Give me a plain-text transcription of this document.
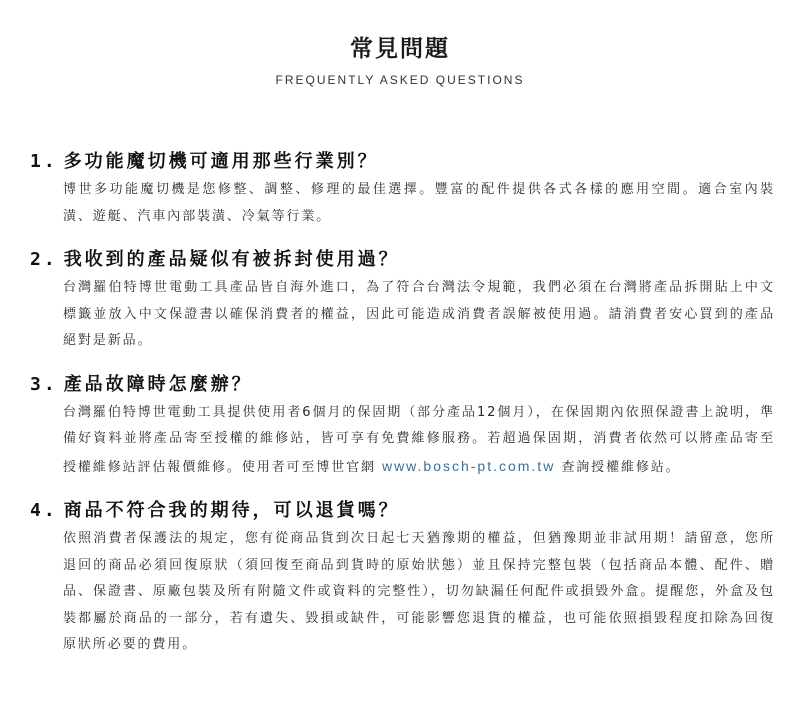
常見問題
FREQUENTLY ASKED QUESTIONS
1. 多功能魔切機可適用那些行業別？

博世多功能魔切機是您修整、調整、修理的最佳選擇。豐富的配件提供各式各樣的應用空間。適合室內裝潢、遊艇、汽車內部裝潢、冷氣等行業。

2. 我收到的產品疑似有被拆封使用過？

台灣羅伯特博世電動工具產品皆自海外進口，為了符合台灣法令規範，我們必須在台灣將產品拆開貼上中文標籤並放入中文保證書以確保消費者的權益，因此可能造成消費者誤解被使用過。請消費者安心買到的產品絕對是新品。

3. 產品故障時怎麼辦？

台灣羅伯特博世電動工具提供使用者6個月的保固期（部分產品12個月），在保固期內依照保證書上說明，準備好資料並將產品寄至授權的維修站，皆可享有免費維修服務。若超過保固期，消費者依然可以將產品寄至授權維修站評估報價維修。使用者可至博世官網 www.bosch-pt.com.tw 查詢授權維修站。

4. 商品不符合我的期待，可以退貨嗎？

依照消費者保護法的規定，您有從商品貨到次日起七天猶豫期的權益，但猶豫期並非試用期！請留意，您所退回的商品必須回復原狀（須回復至商品到貨時的原始狀態）並且保持完整包裝（包括商品本體、配件、贈品、保證書、原廠包裝及所有附隨文件或資料的完整性），切勿缺漏任何配件或損毀外盒。提醒您，外盒及包裝都屬於商品的一部分，若有遺失、毀損或缺件，可能影響您退貨的權益，也可能依照損毀程度扣除為回復原狀所必要的費用。
